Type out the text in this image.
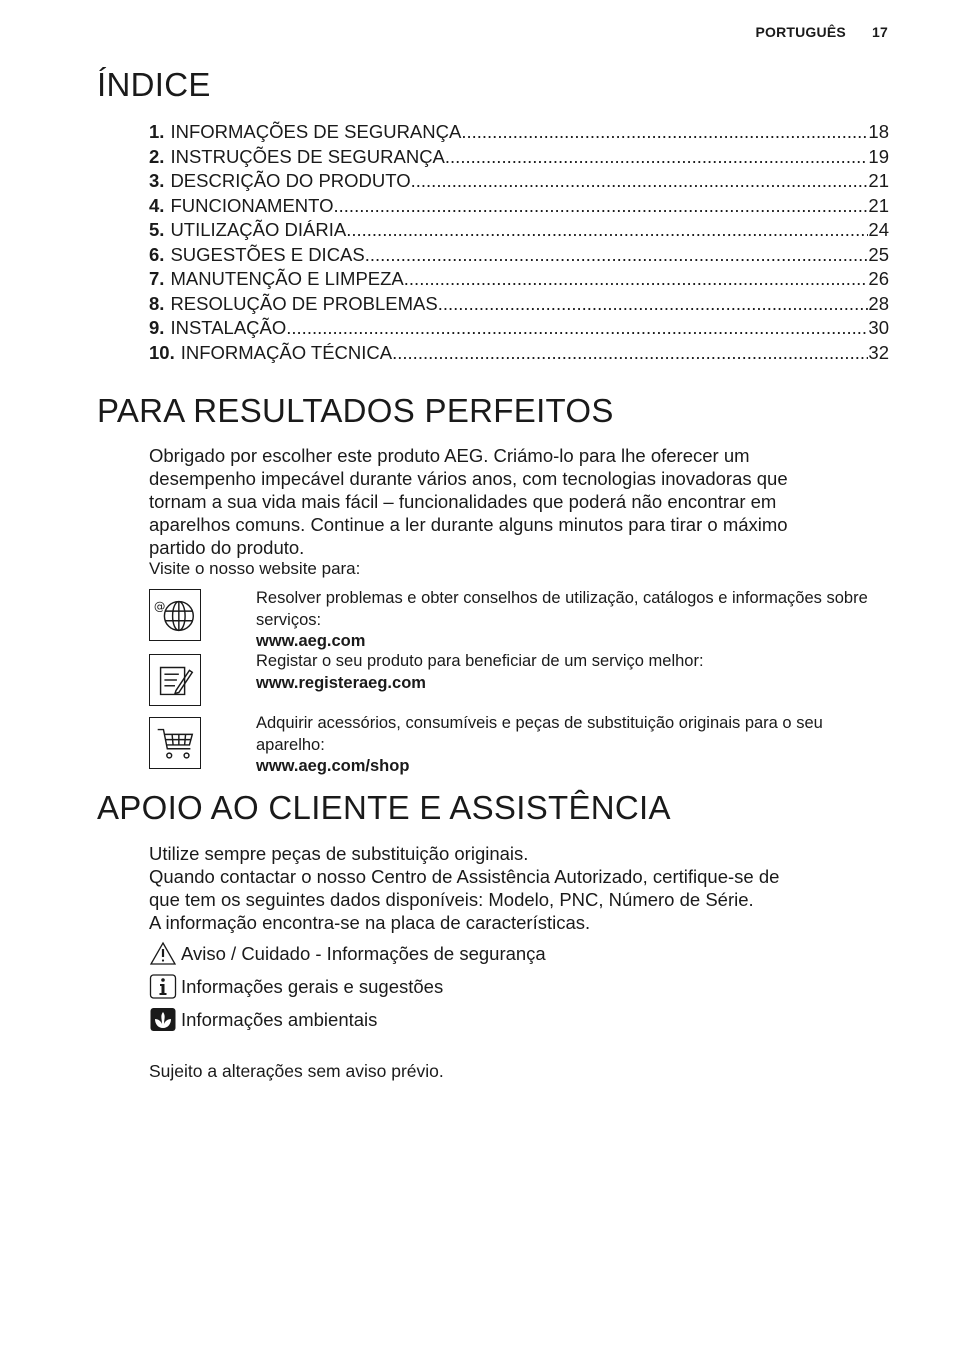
PORTUGUÊS 17
ÍNDICE
1. INFORMAÇÕES DE SEGURANÇA .....	18
2. INSTRUÇÕES DE SEGURANÇA .....	19
3. DESCRIÇÃO DO PRODUTO .....	21
4. FUNCIONAMENTO .....	21
5. UTILIZAÇÃO DIÁRIA .....	24
6. SUGESTÕES E DICAS .....	25
7. MANUTENÇÃO E LIMPEZA .....	26
8. RESOLUÇÃO DE PROBLEMAS .....	28
9. INSTALAÇÃO .....	30
10. INFORMAÇÃO TÉCNICA .....	32
PARA RESULTADOS PERFEITOS
Obrigado por escolher este produto AEG. Criámo-lo para lhe oferecer um
desempenho impecável durante vários anos, com tecnologias inovadoras que
tornam a sua vida mais fácil – funcionalidades que poderá não encontrar em
aparelhos comuns. Continue a ler durante alguns minutos para tirar o máximo
partido do produto.
Visite o nosso website para:
@	Resolver problemas e obter conselhos de utilização, catálogos e informações sobre serviços:
www.aeg.com
Registar o seu produto para beneficiar de um serviço melhor:
www.registeraeg.com
Adquirir acessórios, consumíveis e peças de substituição originais para o seu aparelho:
www.aeg.com/shop
APOIO AO CLIENTE E ASSISTÊNCIA
Utilize sempre peças de substituição originais.
Quando contactar o nosso Centro de Assistência Autorizado, certifique-se de
que tem os seguintes dados disponíveis: Modelo, PNC, Número de Série.
A informação encontra-se na placa de características.
Aviso / Cuidado - Informações de segurança
Informações gerais e sugestões
Informações ambientais
Sujeito a alterações sem aviso prévio.
